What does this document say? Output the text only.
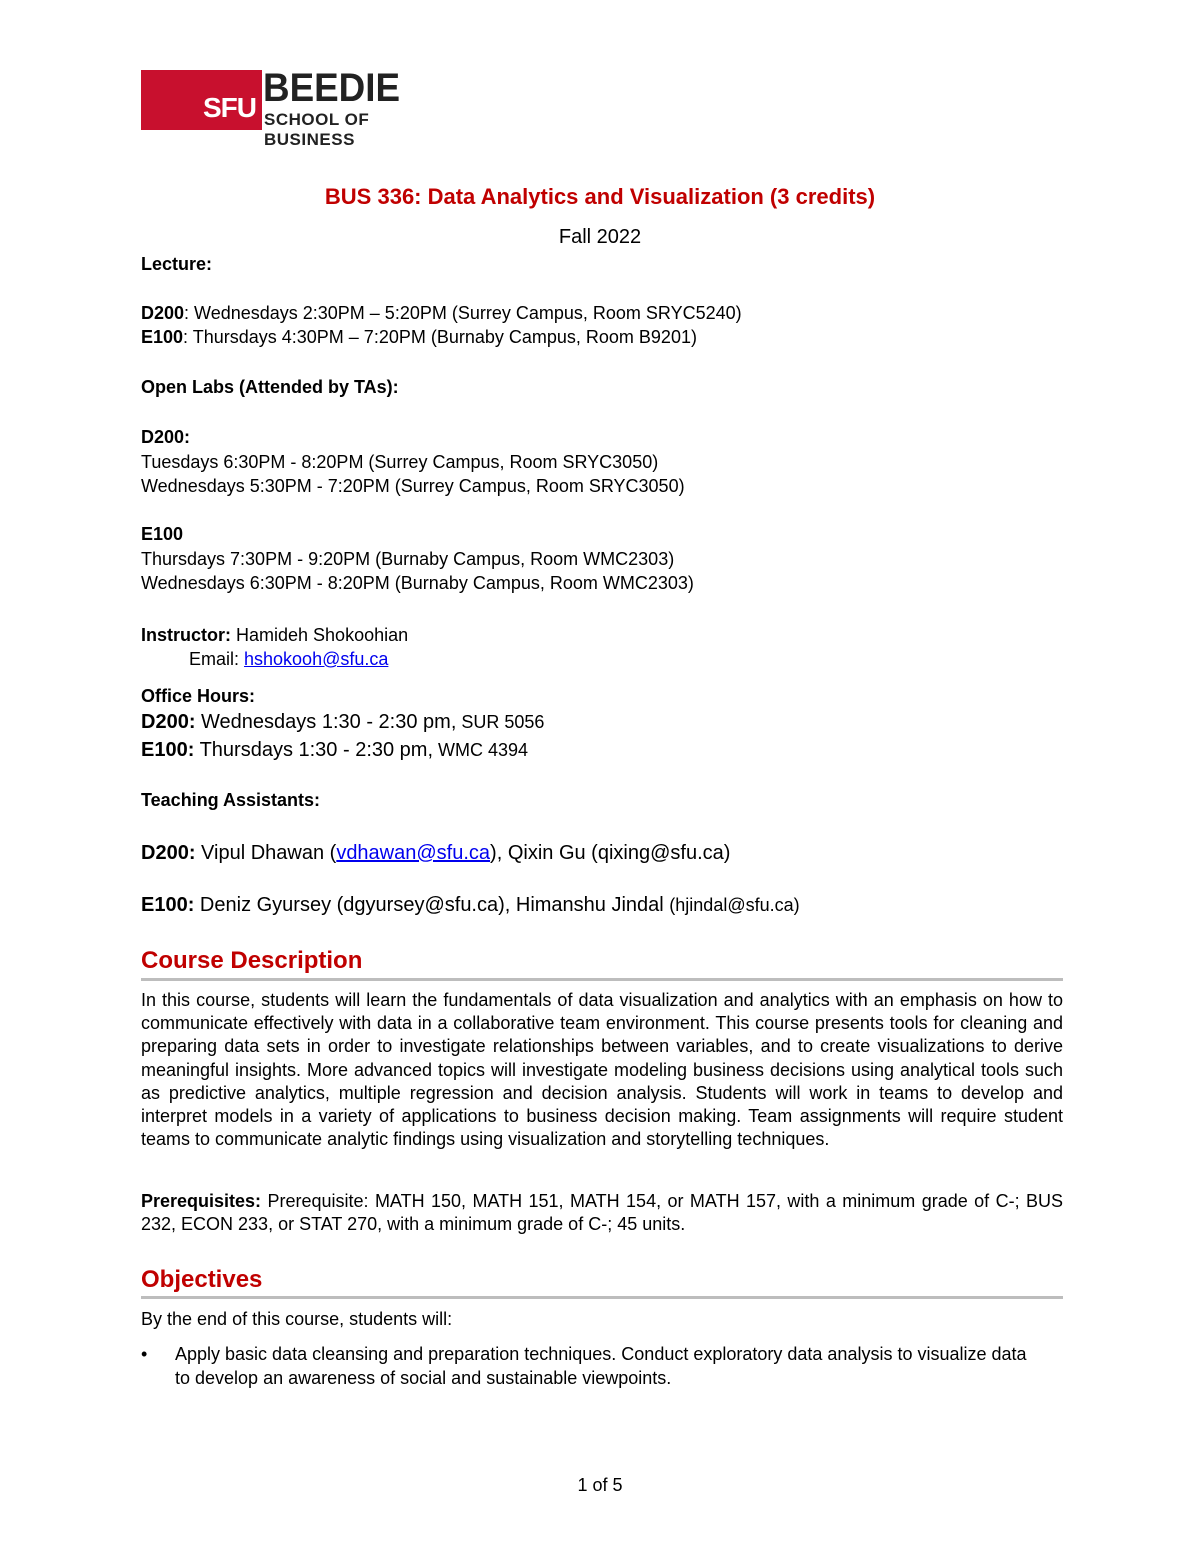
SFU BEEDIE
SCHOOL OF BUSINESS
BUS 336: Data Analytics and Visualization (3 credits)
Fall 2022
Lecture:
D200: Wednesdays 2:30PM – 5:20PM (Surrey Campus, Room SRYC5240)
E100: Thursdays 4:30PM – 7:20PM (Burnaby Campus, Room B9201)
Open Labs (Attended by TAs):
D200:
Tuesdays 6:30PM - 8:20PM (Surrey Campus, Room SRYC3050)
Wednesdays 5:30PM - 7:20PM (Surrey Campus, Room SRYC3050)
E100
Thursdays 7:30PM - 9:20PM (Burnaby Campus, Room WMC2303)
Wednesdays 6:30PM - 8:20PM (Burnaby Campus, Room WMC2303)
Instructor: Hamideh Shokoohian
Email: hshokooh@sfu.ca
Office Hours:
D200: Wednesdays 1:30 - 2:30 pm, SUR 5056
E100: Thursdays 1:30 - 2:30 pm, WMC 4394
Teaching Assistants:
D200: Vipul Dhawan (vdhawan@sfu.ca), Qixin Gu (qixing@sfu.ca)
E100: Deniz Gyursey (dgyursey@sfu.ca), Himanshu Jindal (hjindal@sfu.ca)
Course Description
In this course, students will learn the fundamentals of data visualization and analytics with an emphasis on how to communicate effectively with data in a collaborative team environment. This course presents tools for cleaning and preparing data sets in order to investigate relationships between variables, and to create visualizations to derive meaningful insights. More advanced topics will investigate modeling business decisions using analytical tools such as predictive analytics, multiple regression and decision analysis. Students will work in teams to develop and interpret models in a variety of applications to business decision making. Team assignments will require student teams to communicate analytic findings using visualization and storytelling techniques.
Prerequisites: Prerequisite: MATH 150, MATH 151, MATH 154, or MATH 157, with a minimum grade of C-; BUS 232, ECON 233, or STAT 270, with a minimum grade of C-; 45 units.
Objectives
By the end of this course, students will:
•	Apply basic data cleansing and preparation techniques. Conduct exploratory data analysis to visualize data to develop an awareness of social and sustainable viewpoints.
1 of 5
